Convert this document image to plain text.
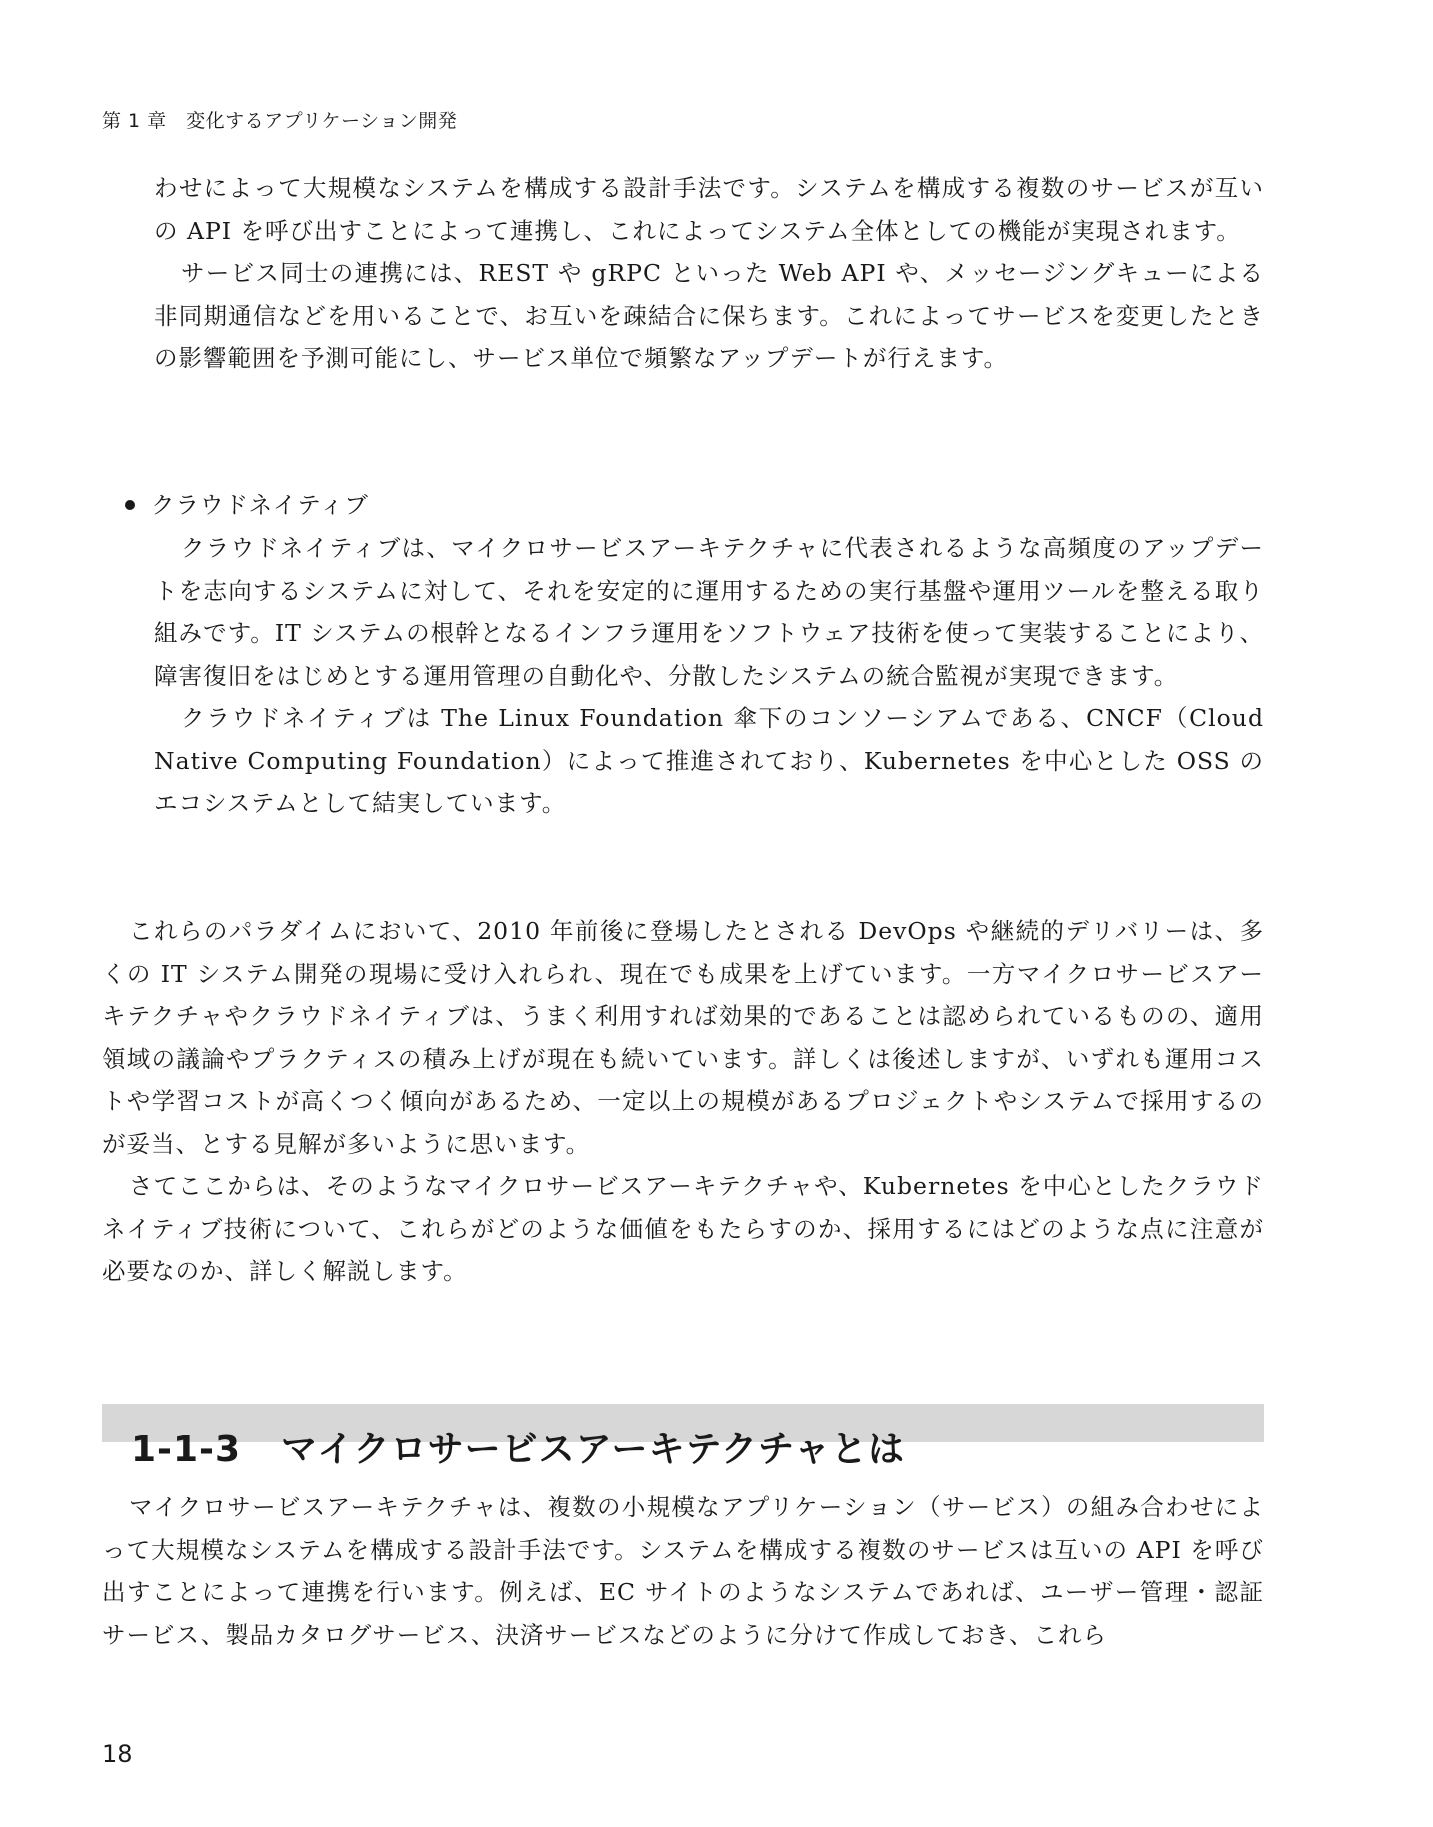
第 1 章　変化するアプリケーション開発

わせによって大規模なシステムを構成する設計手法です。システムを構成する複数のサービスが互いの API を呼び出すことによって連携し、これによってシステム全体としての機能が実現されます。

サービス同士の連携には、REST や gRPC といった Web API や、メッセージングキューによる非同期通信などを用いることで、お互いを疎結合に保ちます。これによってサービスを変更したときの影響範囲を予測可能にし、サービス単位で頻繁なアップデートが行えます。

クラウドネイティブ

クラウドネイティブは、マイクロサービスアーキテクチャに代表されるような高頻度のアップデートを志向するシステムに対して、それを安定的に運用するための実行基盤や運用ツールを整える取り組みです。IT システムの根幹となるインフラ運用をソフトウェア技術を使って実装することにより、障害復旧をはじめとする運用管理の自動化や、分散したシステムの統合監視が実現できます。

クラウドネイティブは The Linux Foundation 傘下のコンソーシアムである、CNCF（Cloud Native Computing Foundation）によって推進されており、Kubernetes を中心とした OSS のエコシステムとして結実しています。

これらのパラダイムにおいて、2010 年前後に登場したとされる DevOps や継続的デリバリーは、多くの IT システム開発の現場に受け入れられ、現在でも成果を上げています。一方マイクロサービスアーキテクチャやクラウドネイティブは、うまく利用すれば効果的であることは認められているものの、適用領域の議論やプラクティスの積み上げが現在も続いています。詳しくは後述しますが、いずれも運用コストや学習コストが高くつく傾向があるため、一定以上の規模があるプロジェクトやシステムで採用するのが妥当、とする見解が多いように思います。

さてここからは、そのようなマイクロサービスアーキテクチャや、Kubernetes を中心としたクラウドネイティブ技術について、これらがどのような価値をもたらすのか、採用するにはどのような点に注意が必要なのか、詳しく解説します。

1-1-3 マイクロサービスアーキテクチャとは

マイクロサービスアーキテクチャは、複数の小規模なアプリケーション（サービス）の組み合わせによって大規模なシステムを構成する設計手法です。システムを構成する複数のサービスは互いの API を呼び出すことによって連携を行います。例えば、EC サイトのようなシステムであれば、ユーザー管理・認証サービス、製品カタログサービス、決済サービスなどのように分けて作成しておき、これら

18
